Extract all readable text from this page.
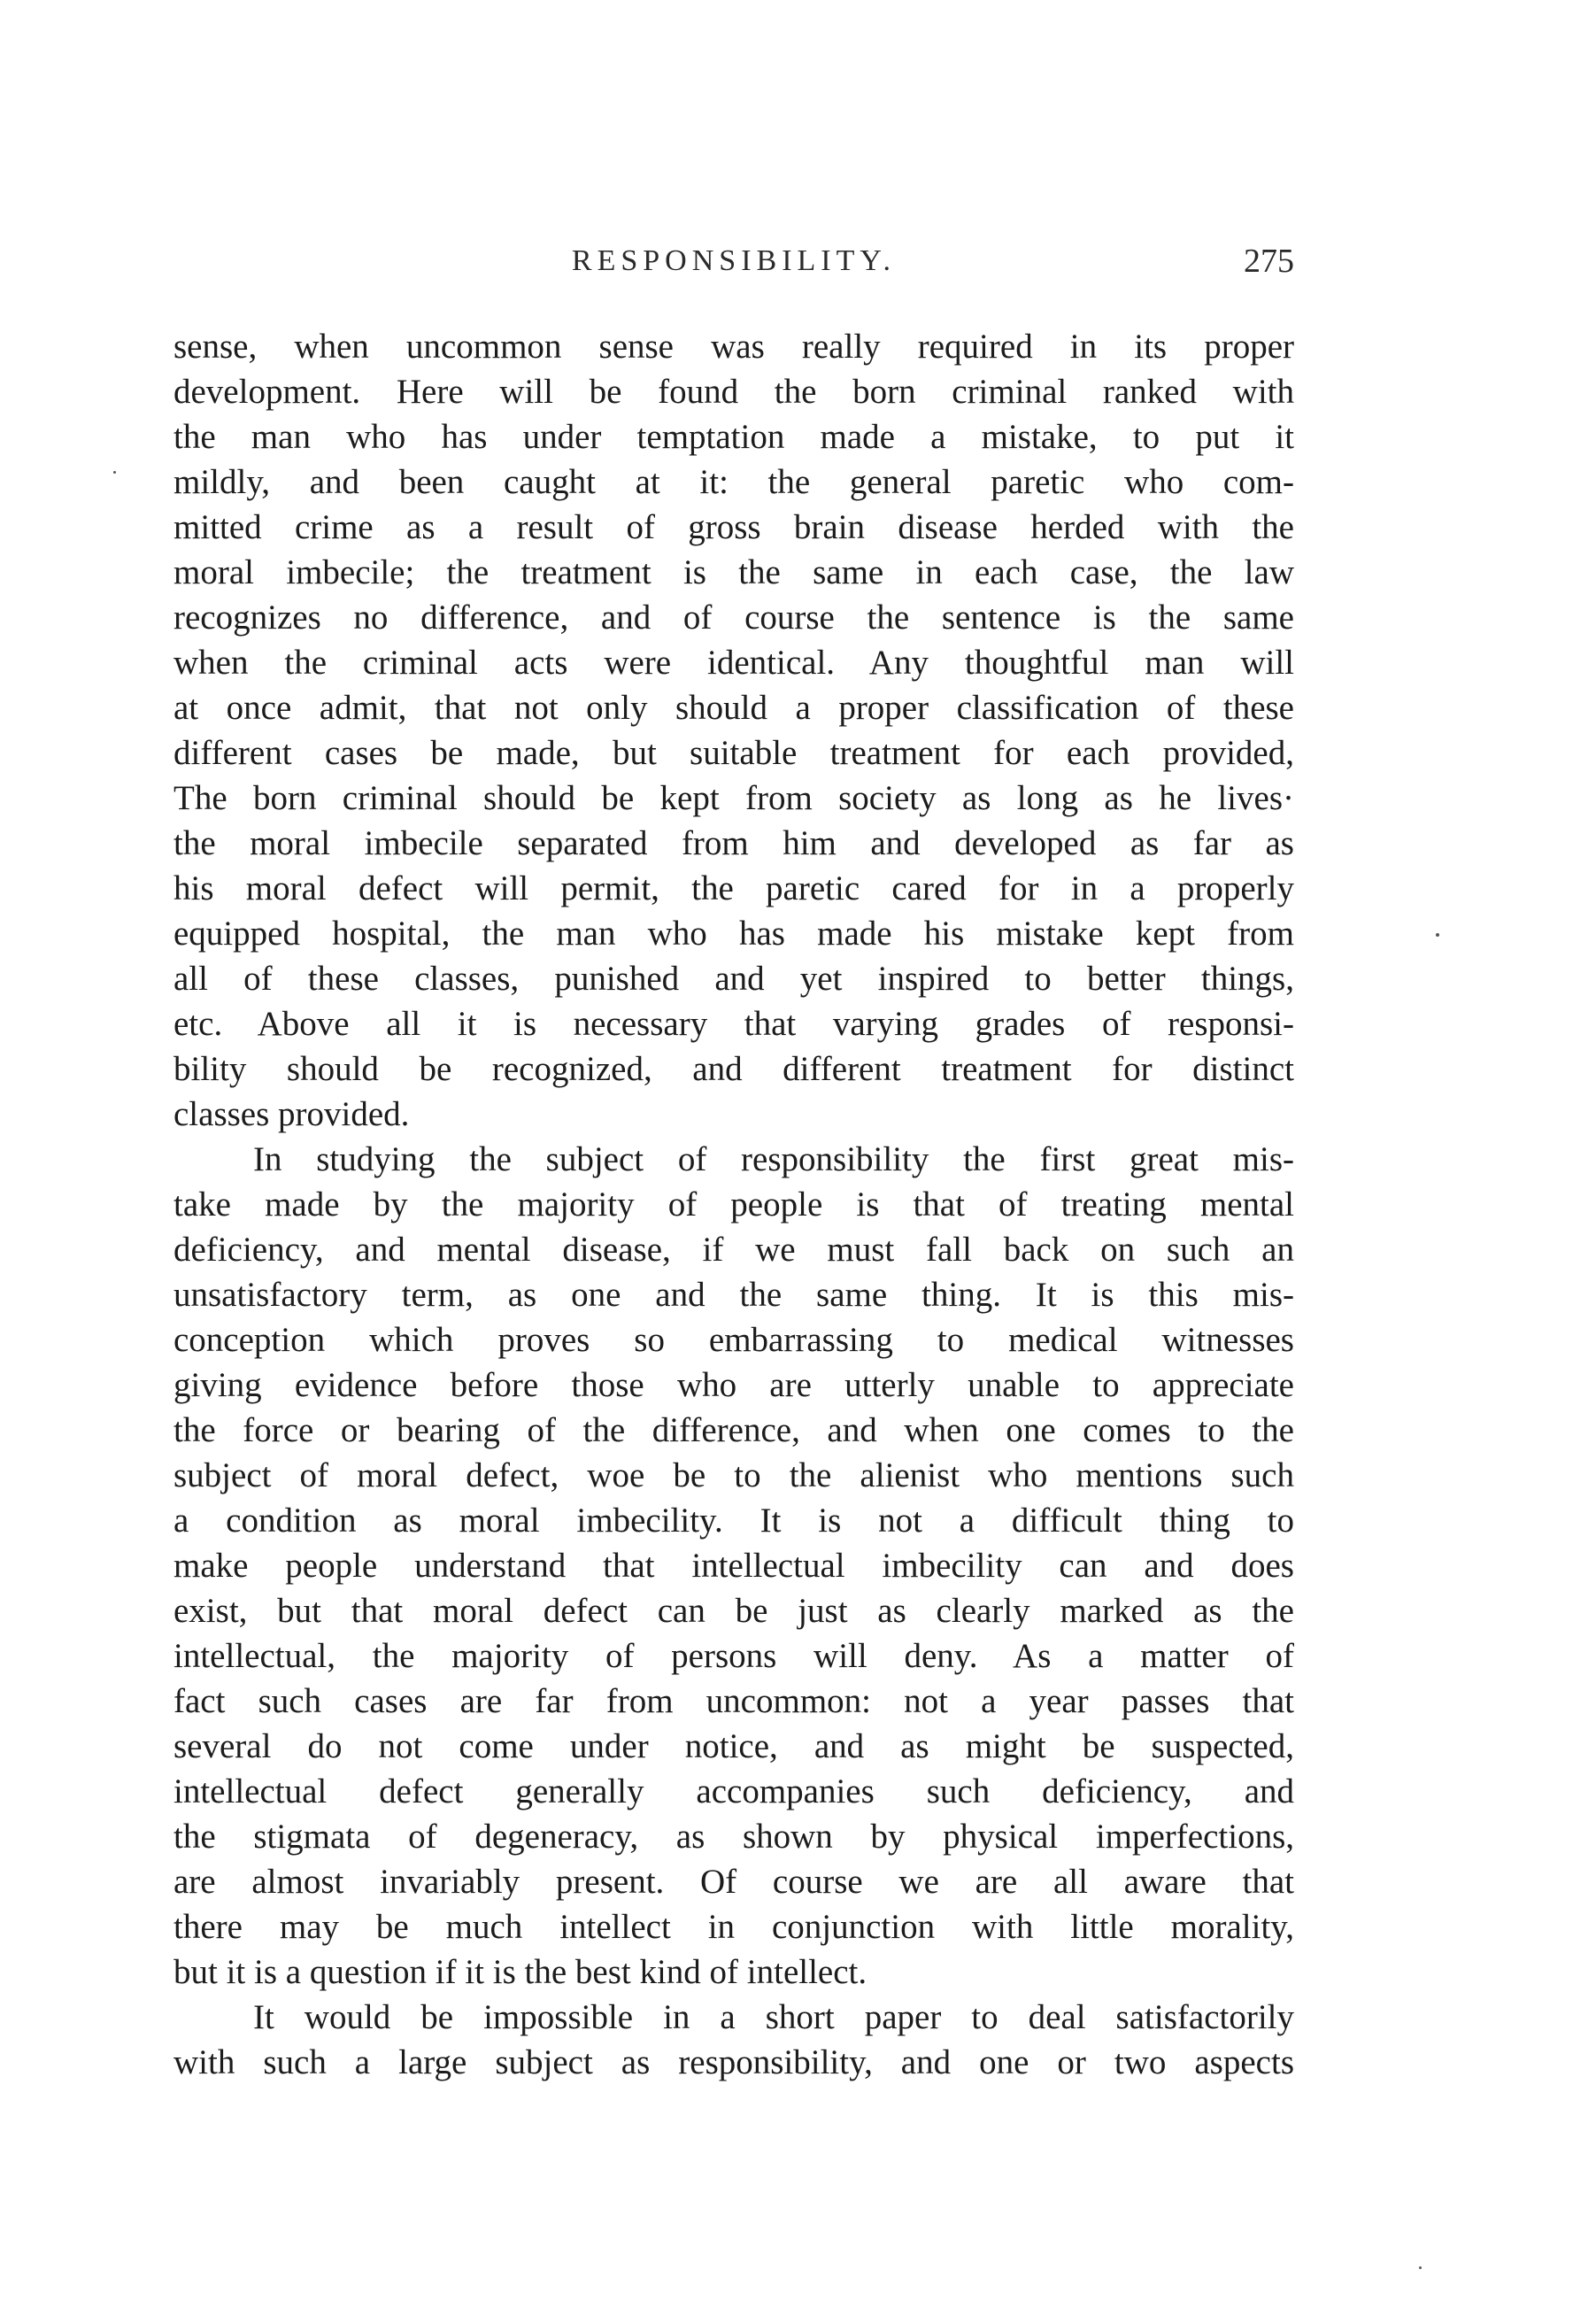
RESPONSIBILITY.	275

sense, when uncommon sense was really required in its proper
development. Here will be found the born criminal ranked with
the man who has under temptation made a mistake, to put it
mildly, and been caught at it: the general paretic who com-
mitted crime as a result of gross brain disease herded with the
moral imbecile; the treatment is the same in each case, the law
recognizes no difference, and of course the sentence is the same
when the criminal acts were identical. Any thoughtful man will
at once admit, that not only should a proper classification of these
different cases be made, but suitable treatment for each provided,
The born criminal should be kept from society as long as he lives·
the moral imbecile separated from him and developed as far as
his moral defect will permit, the paretic cared for in a properly
equipped hospital, the man who has made his mistake kept from
all of these classes, punished and yet inspired to better things,
etc. Above all it is necessary that varying grades of responsi-
bility should be recognized, and different treatment for distinct
classes provided.

In studying the subject of responsibility the first great mis-
take made by the majority of people is that of treating mental
deficiency, and mental disease, if we must fall back on such an
unsatisfactory term, as one and the same thing. It is this mis-
conception which proves so embarrassing to medical witnesses
giving evidence before those who are utterly unable to appreciate
the force or bearing of the difference, and when one comes to the
subject of moral defect, woe be to the alienist who mentions such
a condition as moral imbecility. It is not a difficult thing to
make people understand that intellectual imbecility can and does
exist, but that moral defect can be just as clearly marked as the
intellectual, the majority of persons will deny. As a matter of
fact such cases are far from uncommon: not a year passes that
several do not come under notice, and as might be suspected,
intellectual defect generally accompanies such deficiency, and
the stigmata of degeneracy, as shown by physical imperfections,
are almost invariably present. Of course we are all aware that
there may be much intellect in conjunction with little morality,
but it is a question if it is the best kind of intellect.

It would be impossible in a short paper to deal satisfactorily
with such a large subject as responsibility, and one or two aspects
